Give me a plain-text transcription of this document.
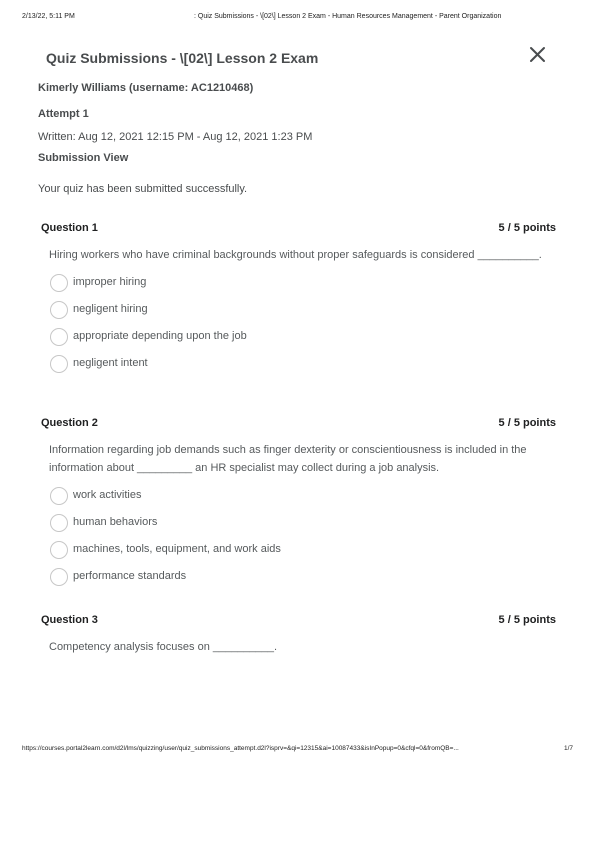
2/13/22, 5:11 PM	: Quiz Submissions - \[02\] Lesson 2 Exam - Human Resources Management - Parent Organization
Quiz Submissions - \[02\] Lesson 2 Exam
Kimerly Williams (username: AC1210468)
Attempt 1
Written: Aug 12, 2021 12:15 PM - Aug 12, 2021 1:23 PM
Submission View
Your quiz has been submitted successfully.
Question 1	5 / 5 points
Hiring workers who have criminal backgrounds without proper safeguards is considered __________.
improper hiring
negligent hiring
appropriate depending upon the job
negligent intent
Question 2	5 / 5 points
Information regarding job demands such as finger dexterity or conscientiousness is included in the information about _________ an HR specialist may collect during a job analysis.
work activities
human behaviors
machines, tools, equipment, and work aids
performance standards
Question 3	5 / 5 points
Competency analysis focuses on __________.
https://courses.portal2learn.com/d2l/lms/quizzing/user/quiz_submissions_attempt.d2l?isprv=&qi=12315&ai=10087433&isInPopup=0&cfql=0&fromQB=...	1/7
